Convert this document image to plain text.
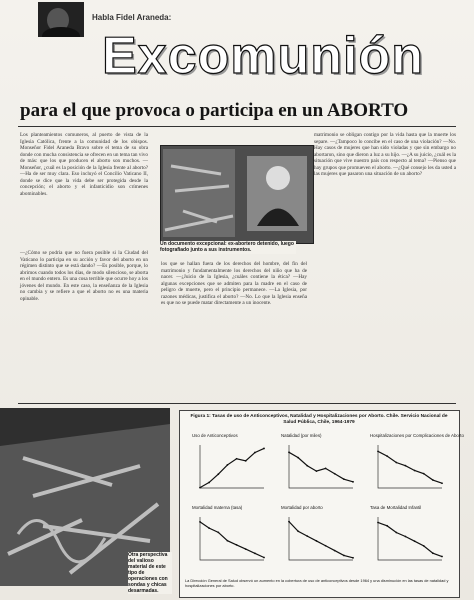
Habla Fidel Araneda:
Excomunión
para el que provoca o participa en un ABORTO
Los planteamientos comuneros, al puerto de vista de la Iglesia Católica, frente a la comunidad de los obispos. Monseñor Fidel Araneda Bravo sobre el tema de su obra donde con mucha consistencia se ofrecen en un tema tan vivo de más: que los que producen el aborto son muchos. —Monseñor, ¿cuál es la posición de la Iglesia frente al aborto? —Ha de ser muy clara. Eso incluyó el Concilio Vaticano II, donde se dice que la vida debe ser protegida desde la concepción; el aborto y el infanticidio son crímenes abominables.
—¿Cómo se podría que no fuera posible si la Ciudad del Vaticano lo participa en su acción y favor del aborto en un régimen distinto que se está dando? —Es posible, porque, lo abrimos cuando todos los días, de modo silencioso, se aborta en el mundo entero. Es una cosa terrible que ocurre hoy a los jóvenes del mundo. En este caso, la enseñanza de la Iglesia no cambia y se refiere a que el aborto no es una materia opinable.
Un documento excepcional: ex-abortero detenido, luego fotografiado junto a sus instrumentos.
los que se hallan fuera de los derechos del hombre, del fin del matrimonio y fundamentalmente los derechos del niño que ha de nacer. —¿Juicio de la Iglesia, ¿cuáles contiene la ética? —Hay algunas excepciones que se admiten para la madre en el caso de peligro de muerte, pero el principio permanece. —La Iglesia, por razones médicas, justifica el aborto? —No. Lo que la Iglesia enseña es que no se puede matar directamente a un inocente.
matrimonio se obligan contigo por la vida hasta que la muerte los separe. —¿Tampoco lo concibe en el caso de una violación? —No. Hay casos de mujeres que han sido violadas y que sin embargo no abortaron, sino que dieron a luz a su hijo. —¿A su juicio, ¿cuál es la situación que vive nuestro país con respecto al tema? —Pienso que hay grupos que promueven el aborto. —¿Qué consejo les da usted a las mujeres que pasaron una situación de un aborto?
Otra perspectiva del valioso material de este tipo de operaciones con sondas y chicas desarmadas.
Figura 1: Tasas de uso de Anticonceptivos, Natalidad y Hospitalizaciones por Aborto. Chile. Servicio Nacional de Salud Pública, Chile, 1964-1979
Uso de Anticonceptivos	Natalidad (por miles)	Hospitalizaciones por Complicaciones de Aborto
Mortalidad materna (tasa)	Mortalidad por aborto	Tasa de Mortalidad Infantil
La Dirección General de Salud observó un aumento en la cobertura de uso de anticonceptivos desde 1964 y una disminución en las tasas de natalidad y hospitalizaciones por aborto.
